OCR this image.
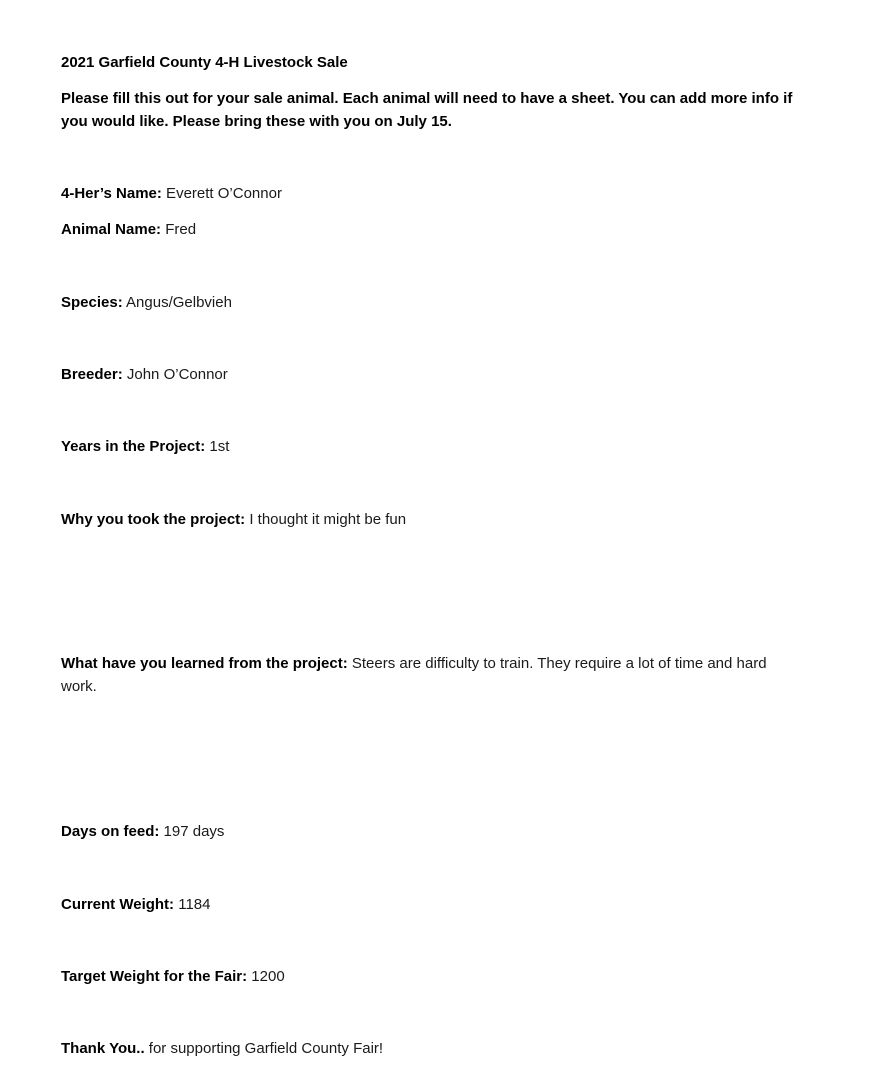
2021 Garfield County 4-H Livestock Sale
Please fill this out for your sale animal. Each animal will need to have a sheet. You can add more info if you would like. Please bring these with you on July 15.
4-Her’s Name: Everett O’Connor
Animal Name: Fred
Species: Angus/Gelbvieh
Breeder: John O’Connor
Years in the Project: 1st
Why you took the project: I thought it might be fun
What have you learned from the project: Steers are difficulty to train. They require a lot of time and hard work.
Days on feed: 197 days
Current Weight: 1184
Target Weight for the Fair: 1200
Thank You.. for supporting Garfield County Fair!
